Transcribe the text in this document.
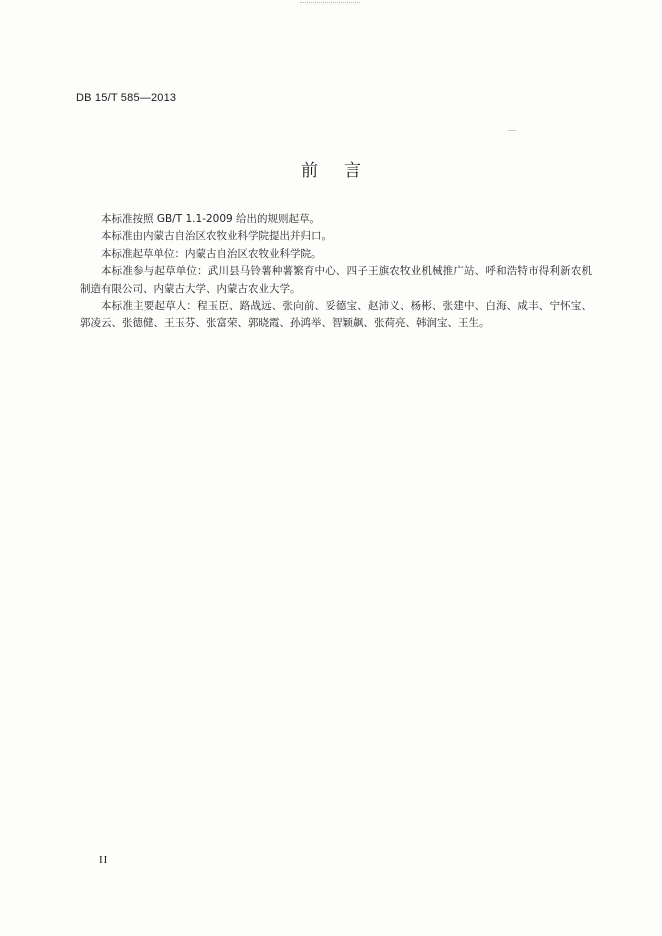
DB 15/T 585—2013
前言

本标准按照 GB/T 1.1-2009 给出的规则起草。

本标准由内蒙古自治区农牧业科学院提出并归口。

本标准起草单位：内蒙古自治区农牧业科学院。

本标准参与起草单位：武川县马铃薯种薯繁育中心、四子王旗农牧业机械推广站、呼和浩特市得利新农机制造有限公司、内蒙古大学、内蒙古农业大学。

本标准主要起草人：程玉臣、路战远、张向前、妥德宝、赵沛义、杨彬、张建中、白海、咸丰、宁怀宝、郭凌云、张德健、王玉芬、张富荣、郭晓霞、孙鸿举、智颖飙、张荷亮、韩润宝、王生。

II
